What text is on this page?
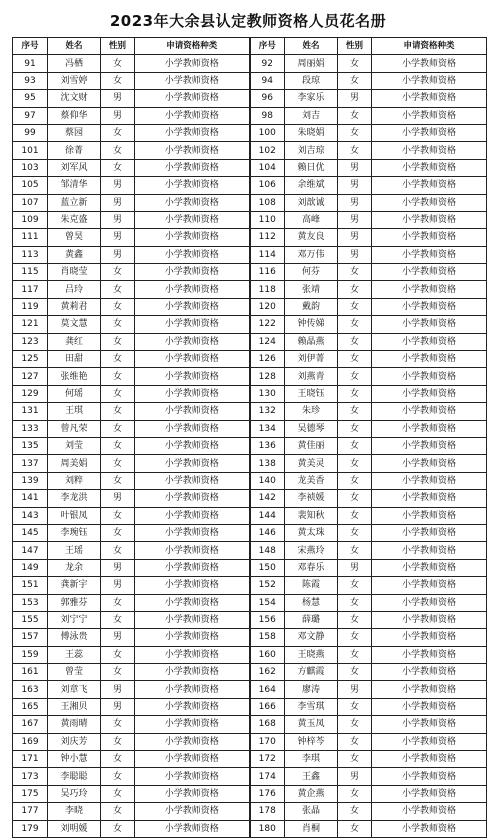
2023年大余县认定教师资格人员花名册
序号	姓名	性别	申请资格种类	序号	姓名	性别	申请资格种类
91	冯栖	女	小学教师资格	92	周丽娟	女	小学教师资格
93	刘雪婷	女	小学教师资格	94	段琼	女	小学教师资格
95	沈文财	男	小学教师资格	96	李家乐	男	小学教师资格
97	蔡仰华	男	小学教师资格	98	刘吉	女	小学教师资格
99	蔡园	女	小学教师资格	100	朱晓娟	女	小学教师资格
101	徐菁	女	小学教师资格	102	刘吉琼	女	小学教师资格
103	刘军风	女	小学教师资格	104	赖日优	男	小学教师资格
105	邹清华	男	小学教师资格	106	余维斌	男	小学教师资格
107	蓝立新	男	小学教师资格	108	刘歆诚	男	小学教师资格
109	朱克盛	男	小学教师资格	110	高峰	男	小学教师资格
111	曾昊	男	小学教师资格	112	黄友良	男	小学教师资格
113	黄鑫	男	小学教师资格	114	邓万伟	男	小学教师资格
115	肖晓莹	女	小学教师资格	116	何芬	女	小学教师资格
117	吕玲	女	小学教师资格	118	张靖	女	小学教师资格
119	黄莉君	女	小学教师资格	120	戴韵	女	小学教师资格
121	莫文慧	女	小学教师资格	122	钟传娣	女	小学教师资格
123	龚红	女	小学教师资格	124	赖晶燕	女	小学教师资格
125	田甜	女	小学教师资格	126	刘伊菁	女	小学教师资格
127	张维艳	女	小学教师资格	128	刘燕青	女	小学教师资格
129	何瑶	女	小学教师资格	130	王晓钰	女	小学教师资格
131	王琪	女	小学教师资格	132	朱珍	女	小学教师资格
133	曾凡荣	女	小学教师资格	134	吴德琴	女	小学教师资格
135	刘莹	女	小学教师资格	136	黄佳丽	女	小学教师资格
137	周美娟	女	小学教师资格	138	黄美灵	女	小学教师资格
139	刘粹	女	小学教师资格	140	龙美香	女	小学教师资格
141	李龙洪	男	小学教师资格	142	李祯媛	女	小学教师资格
143	叶银凤	女	小学教师资格	144	裴知秋	女	小学教师资格
145	李琬钰	女	小学教师资格	146	黄太珠	女	小学教师资格
147	王瑶	女	小学教师资格	148	宋燕玲	女	小学教师资格
149	龙余	男	小学教师资格	150	邓春乐	男	小学教师资格
151	龚新宇	男	小学教师资格	152	陈霞	女	小学教师资格
153	郭雅芬	女	小学教师资格	154	杨慧	女	小学教师资格
155	刘宁宁	女	小学教师资格	156	薛璐	女	小学教师资格
157	傅泳贵	男	小学教师资格	158	邓文静	女	小学教师资格
159	王蕊	女	小学教师资格	160	王晓燕	女	小学教师资格
161	曾莹	女	小学教师资格	162	方麒霞	女	小学教师资格
163	刘章飞	男	小学教师资格	164	廖涛	男	小学教师资格
165	王湘贝	男	小学教师资格	166	李雪琪	女	小学教师资格
167	黄雨晴	女	小学教师资格	168	黄玉凤	女	小学教师资格
169	刘庆芳	女	小学教师资格	170	钟梓芩	女	小学教师资格
171	钟小慧	女	小学教师资格	172	李琪	女	小学教师资格
173	李聪聪	女	小学教师资格	174	王鑫	男	小学教师资格
175	吴巧玲	女	小学教师资格	176	黄企燕	女	小学教师资格
177	李晓	女	小学教师资格	178	张晶	女	小学教师资格
179	刘明媛	女	小学教师资格	180	肖桐	女	小学教师资格
